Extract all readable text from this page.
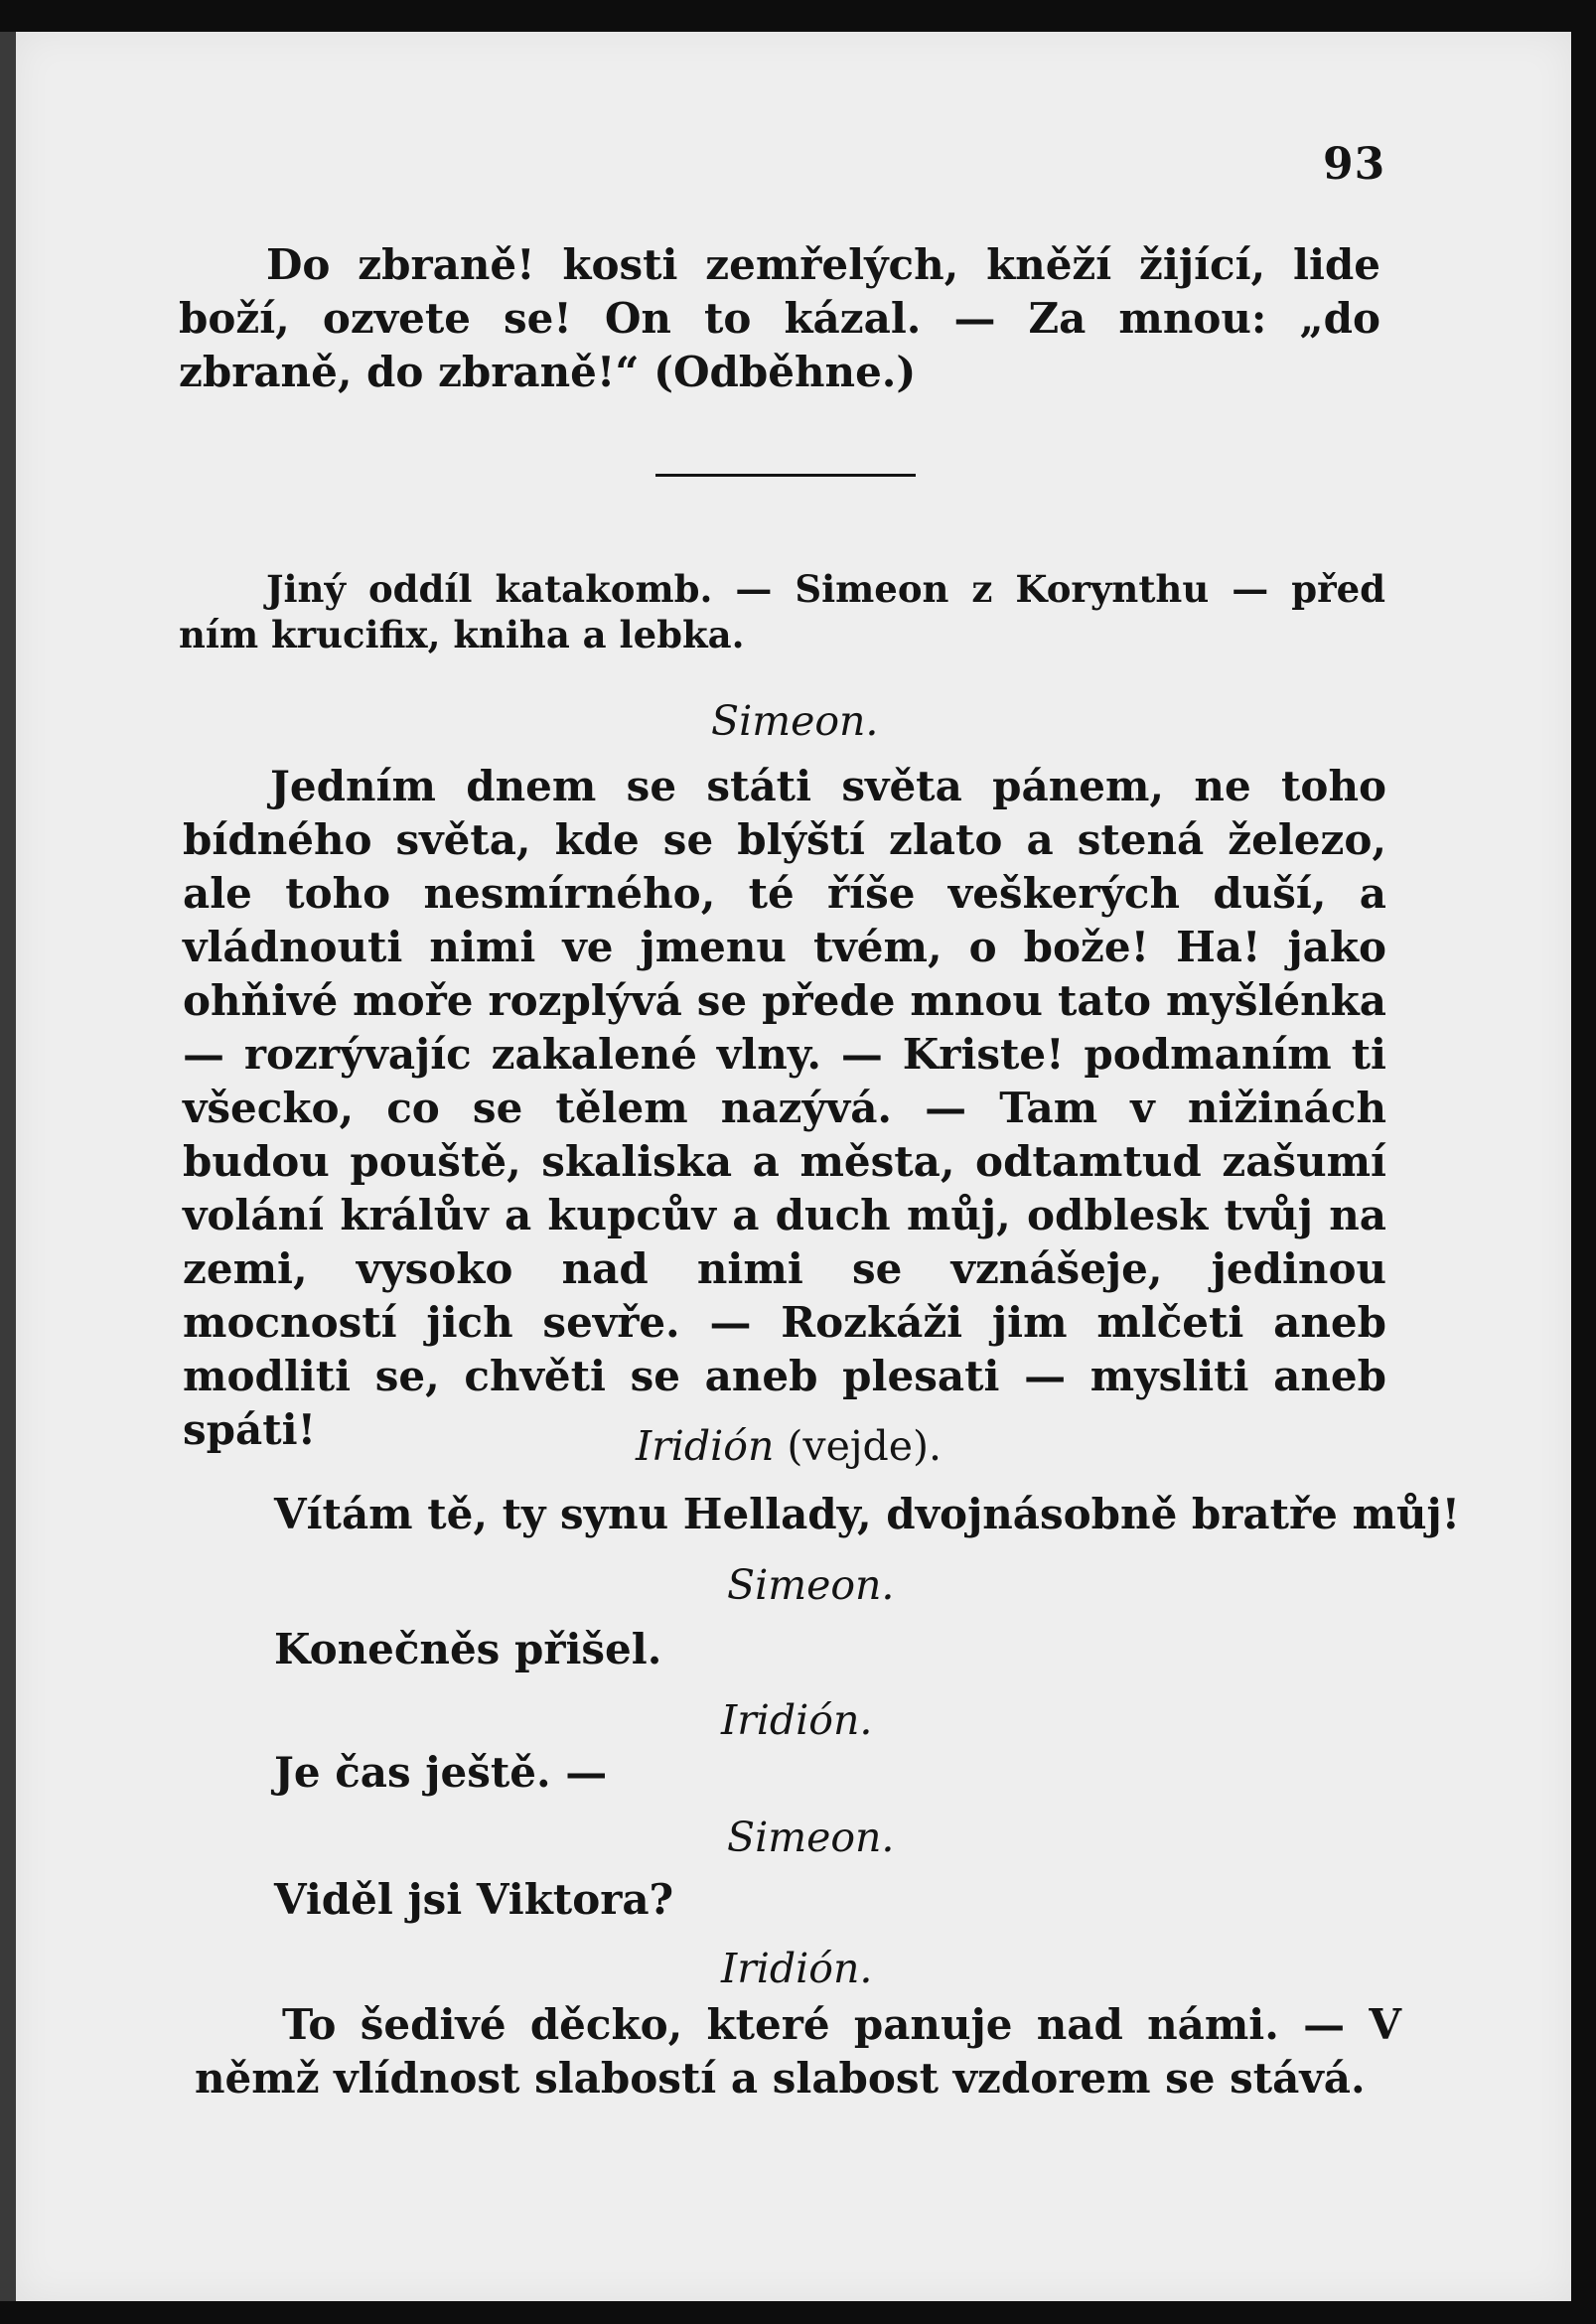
93

Do zbraně! kosti zemřelých, kněží žijící, lide boží, ozvete se! On to kázal. — Za mnou: „do zbraně, do zbraně!“ (Odběhne.)

Jiný oddíl katakomb. — Simeon z Korynthu — před ním krucifix, kniha a lebka.

Simeon.

Jedním dnem se státi světa pánem, ne toho bídného světa, kde se blýští zlato a stená železo, ale toho nesmírného, té říše veškerých duší, a vládnouti nimi ve jmenu tvém, o bože! Ha! jako ohňivé moře rozplývá se přede mnou tato myšlénka — rozrývajíc zakalené vlny. — Kriste! podmaním ti všecko, co se tělem nazývá. — Tam v nižinách budou pouště, skaliska a města, odtamtud zašumí volání králův a kupcův a duch můj, odblesk tvůj na zemi, vysoko nad nimi se vznášeje, jedinou mocností jich sevře. — Rozkáži jim mlčeti aneb modliti se, chvěti se aneb plesati — mysliti aneb spáti!	Iridión (vejde).
Vítám tě, ty synu Hellady, dvojnásobně bratře můj!
Simeon.
Konečněs přišel.
Iridión.
Je čas ještě. —
Simeon.
Viděl jsi Viktora?
Iridión.

To šedivé děcko, které panuje nad námi. — V němž vlídnost slabostí a slabost vzdorem se stává.
